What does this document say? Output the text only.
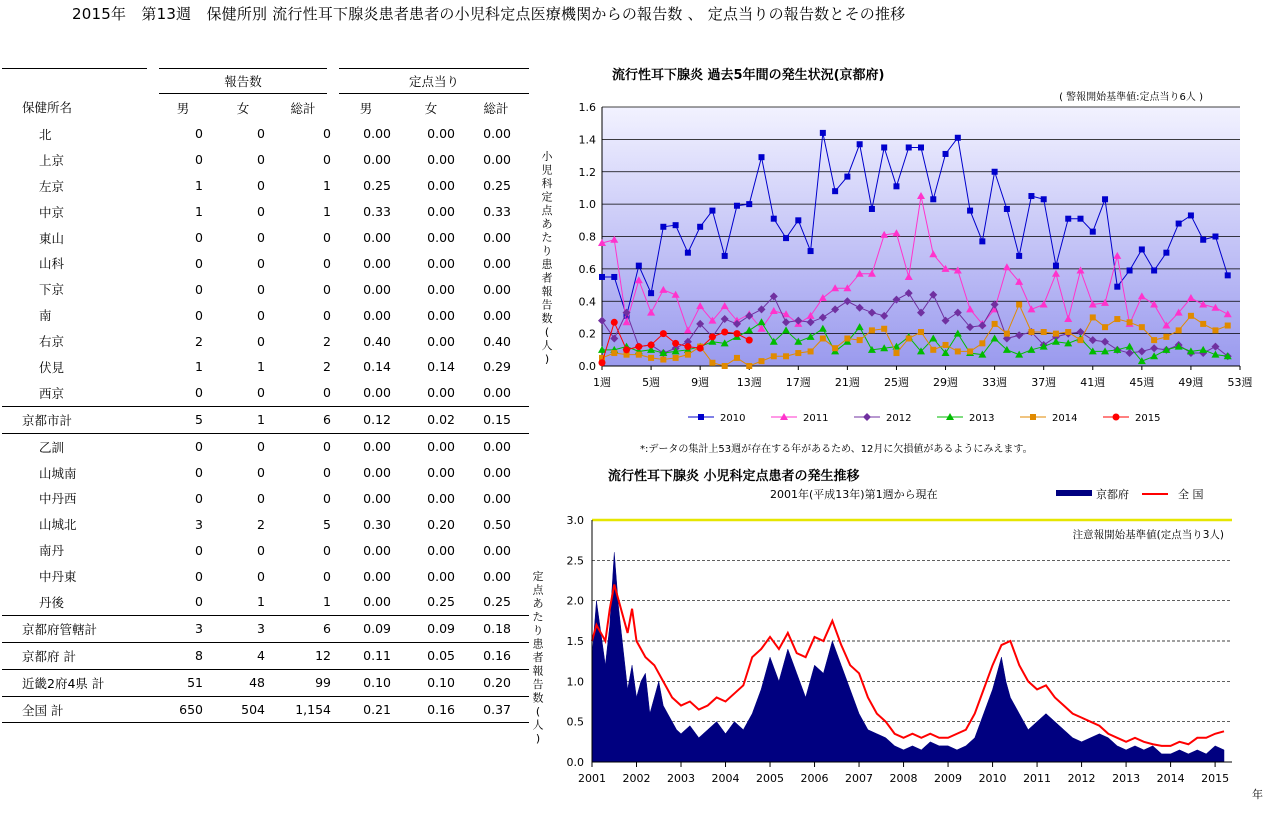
2015年　第13週　保健所別 流行性耳下腺炎患者患者の小児科定点医療機関からの報告数 、 定点当りの報告数とその推移
	報告数			定点当り		
保健所名	男	女	総計	男	女	総計
北	0	0	0	0.00	0.00	0.00
上京	0	0	0	0.00	0.00	0.00
左京	1	0	1	0.25	0.00	0.25
中京	1	0	1	0.33	0.00	0.33
東山	0	0	0	0.00	0.00	0.00
山科	0	0	0	0.00	0.00	0.00
下京	0	0	0	0.00	0.00	0.00
南	0	0	0	0.00	0.00	0.00
右京	2	0	2	0.40	0.00	0.40
伏見	1	1	2	0.14	0.14	0.29
西京	0	0	0	0.00	0.00	0.00
京都市計	5	1	6	0.12	0.02	0.15
乙訓	0	0	0	0.00	0.00	0.00
山城南	0	0	0	0.00	0.00	0.00
中丹西	0	0	0	0.00	0.00	0.00
山城北	3	2	5	0.30	0.20	0.50
南丹	0	0	0	0.00	0.00	0.00
中丹東	0	0	0	0.00	0.00	0.00
丹後	0	1	1	0.00	0.25	0.25
京都府管轄計	3	3	6	0.09	0.09	0.18
京都府 計	8	4	12	0.11	0.05	0.16
近畿2府4県 計	51	48	99	0.10	0.10	0.20
全国 計	650	504	1,154	0.21	0.16	0.37
流行性耳下腺炎 過去5年間の発生状況(京都府)
( 警報開始基準値:定点当り6人 )
0.0
0.2
0.4
0.6
0.8
1.0
1.2
1.4
1.6
1週	5週	9週	13週 17週 21週 25週 29週 33週 37週 41週 45週 49週 53週
小
児
科
定
点
あ
た
り
患
者
報
告
数
(
人
)
2010	2011	2012	2013	2014	2015
*:データの集計上53週が存在する年があるため、12月に欠損値があるようにみえます。
流行性耳下腺炎 小児科定点患者の発生推移
2001年(平成13年)第1週から現在	京都府	全 国
0.0
0.5
1.0
1.5
2.0
2.5
3.0
注意報開始基準値(定点当り3人)
2001 2002 2003 2004 2005 2006 2007 2008 2009 2010 2011 2012 2013 2014 2015
定
点
あ
た
り
患
者
報
告
数
(
人
)
年
